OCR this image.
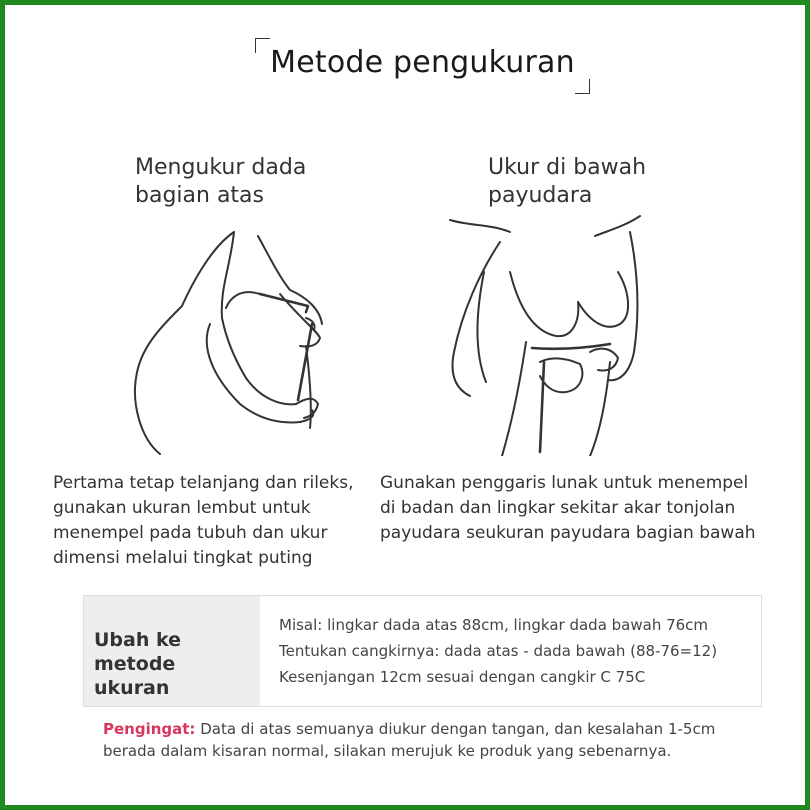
Metode pengukuran
Mengukur dada
bagian atas
Ukur di bawah
payudara
Pertama tetap telanjang dan rileks,
gunakan ukuran lembut untuk
menempel pada tubuh dan ukur
dimensi melalui tingkat puting
Gunakan penggaris lunak untuk menempel
di badan dan lingkar sekitar akar tonjolan
payudara seukuran payudara bagian bawah
Ubah ke metode
ukuran
Misal: lingkar dada atas 88cm, lingkar dada bawah 76cm
Tentukan cangkirnya: dada atas - dada bawah (88-76=12)
Kesenjangan 12cm sesuai dengan cangkir C 75C
Pengingat: Data di atas semuanya diukur dengan tangan, dan kesalahan 1-5cm berada dalam kisaran normal, silakan merujuk ke produk yang sebenarnya.
